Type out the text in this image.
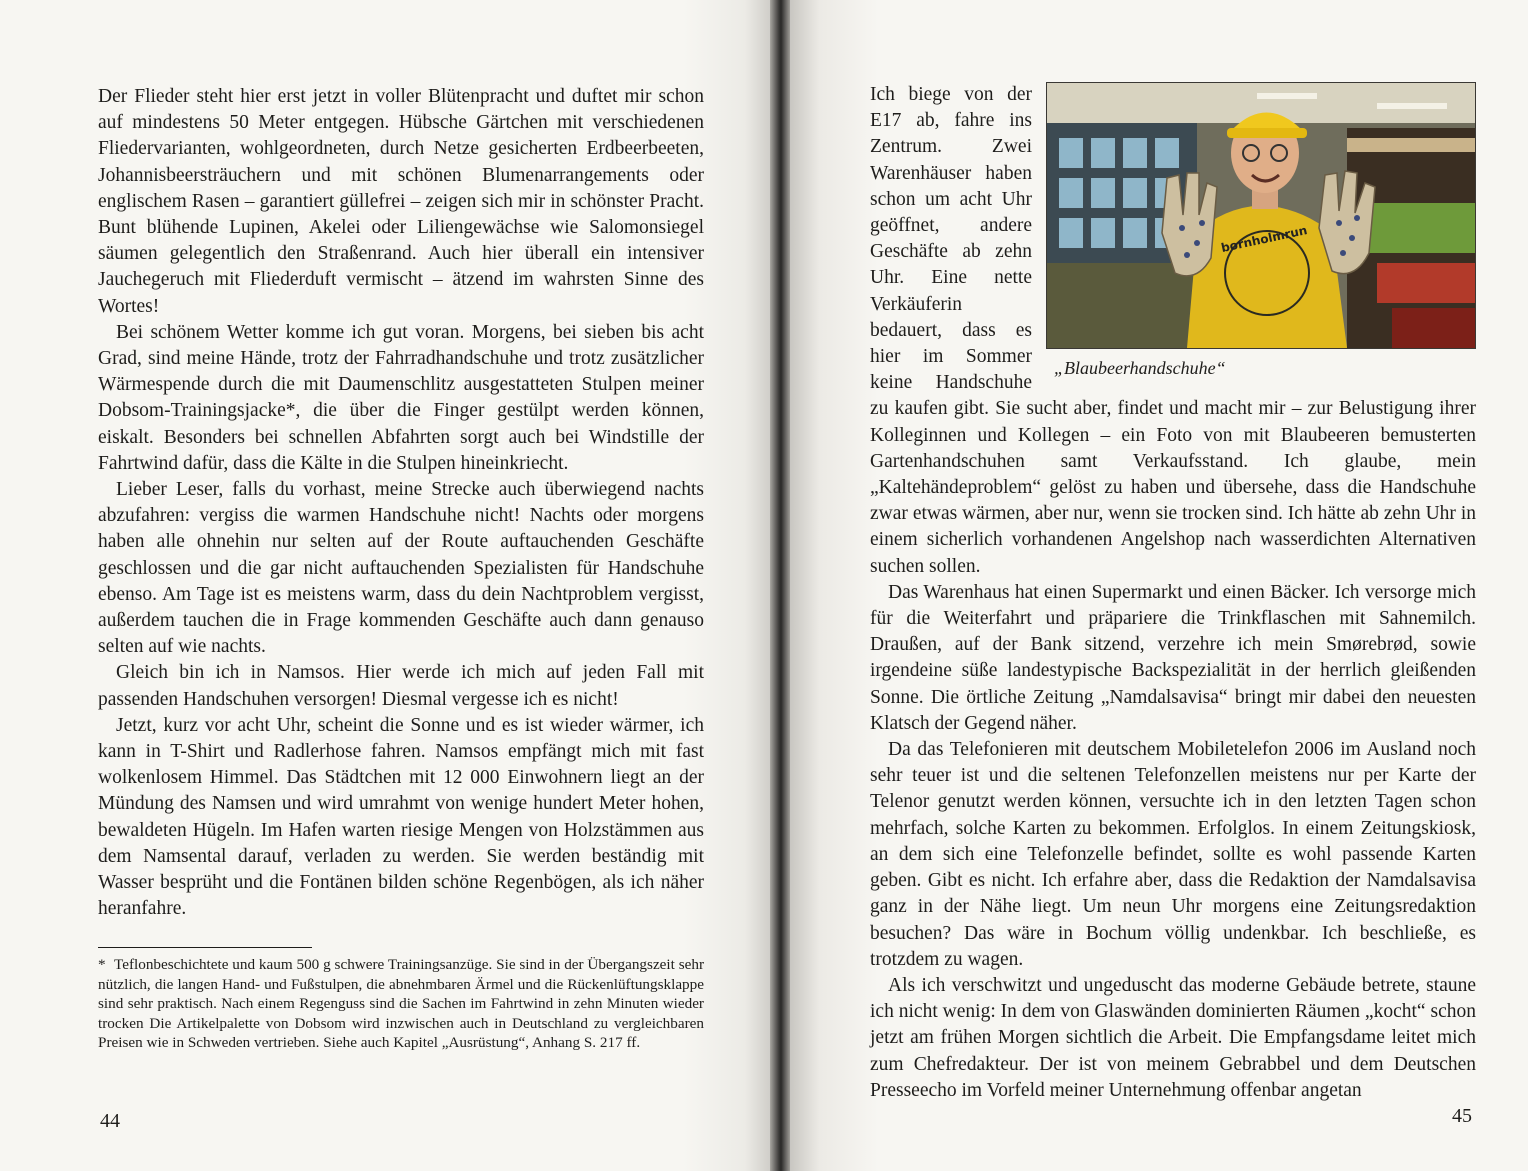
Der Flieder steht hier erst jetzt in voller Blütenpracht und duftet mir schon auf mindestens 50 Meter entgegen. Hübsche Gärtchen mit verschiedenen Fliedervarianten, wohlgeordneten, durch Netze gesicherten Erdbeerbeeten, Johannisbeersträuchern und mit schönen Blumenarrangements oder englischem Rasen – garantiert güllefrei – zeigen sich mir in schönster Pracht. Bunt blühende Lupinen, Akelei oder Liliengewächse wie Salomonsiegel säumen gelegentlich den Straßenrand. Auch hier überall ein intensiver Jauchegeruch mit Fliederduft vermischt – ätzend im wahrsten Sinne des Wortes!

Bei schönem Wetter komme ich gut voran. Morgens, bei sieben bis acht Grad, sind meine Hände, trotz der Fahrradhandschuhe und trotz zusätzlicher Wärmespende durch die mit Daumenschlitz ausgestatteten Stulpen meiner Dobsom-Trainingsjacke*, die über die Finger gestülpt werden können, eiskalt. Besonders bei schnellen Abfahrten sorgt auch bei Windstille der Fahrtwind dafür, dass die Kälte in die Stulpen hineinkriecht.

Lieber Leser, falls du vorhast, meine Strecke auch überwiegend nachts abzufahren: vergiss die warmen Handschuhe nicht! Nachts oder morgens haben alle ohnehin nur selten auf der Route auftauchenden Geschäfte geschlossen und die gar nicht auftauchenden Spezialisten für Handschuhe ebenso. Am Tage ist es meistens warm, dass du dein Nachtproblem vergisst, außerdem tauchen die in Frage kommenden Geschäfte auch dann genauso selten auf wie nachts.

Gleich bin ich in Namsos. Hier werde ich mich auf jeden Fall mit passenden Handschuhen versorgen! Diesmal vergesse ich es nicht!

Jetzt, kurz vor acht Uhr, scheint die Sonne und es ist wieder wärmer, ich kann in T-Shirt und Radlerhose fahren. Namsos empfängt mich mit fast wolkenlosem Himmel. Das Städtchen mit 12 000 Einwohnern liegt an der Mündung des Namsen und wird umrahmt von wenige hundert Meter hohen, bewaldeten Hügeln. Im Hafen warten riesige Mengen von Holzstämmen aus dem Namsental darauf, verladen zu werden. Sie werden beständig mit Wasser besprüht und die Fontänen bilden schöne Regenbögen, als ich näher heranfahre.

* Teflonbeschichtete und kaum 500 g schwere Trainingsanzüge. Sie sind in der Übergangszeit sehr nützlich, die langen Hand- und Fußstulpen, die abnehmbaren Ärmel und die Rückenlüftungsklappe sind sehr praktisch. Nach einem Regenguss sind die Sachen im Fahrtwind in zehn Minuten wieder trocken Die Artikelpalette von Dobsom wird inzwischen auch in Deutschland zu vergleichbaren Preisen wie in Schweden vertrieben. Siehe auch Kapitel „Ausrüstung“, Anhang S. 217 ff.
44
bornholmrun
„Blaubeerhandschuhe“

Ich biege von der E17 ab, fahre ins Zentrum. Zwei Warenhäuser haben schon um acht Uhr geöffnet, andere Geschäfte ab zehn Uhr. Eine nette Verkäuferin bedauert, dass es hier im Sommer keine Handschuhe zu kaufen gibt. Sie sucht aber, findet und macht mir – zur Belustigung ihrer Kolleginnen und Kollegen – ein Foto von mit Blaubeeren bemusterten Gartenhandschuhen samt Verkaufsstand. Ich glaube, mein „Kaltehändeproblem“ gelöst zu haben und übersehe, dass die Handschuhe zwar etwas wärmen, aber nur, wenn sie trocken sind. Ich hätte ab zehn Uhr in einem sicherlich vorhandenen Angelshop nach wasserdichten Alternativen suchen sollen.

Das Warenhaus hat einen Supermarkt und einen Bäcker. Ich versorge mich für die Weiterfahrt und präpariere die Trinkflaschen mit Sahnemilch. Draußen, auf der Bank sitzend, verzehre ich mein Smørebrød, sowie irgendeine süße landestypische Backspezialität in der herrlich gleißenden Sonne. Die örtliche Zeitung „Namdalsavisa“ bringt mir dabei den neuesten Klatsch der Gegend näher.

Da das Telefonieren mit deutschem Mobiletelefon 2006 im Ausland noch sehr teuer ist und die seltenen Telefonzellen meistens nur per Karte der Telenor genutzt werden können, versuchte ich in den letzten Tagen schon mehrfach, solche Karten zu bekommen. Erfolglos. In einem Zeitungskiosk, an dem sich eine Telefonzelle befindet, sollte es wohl passende Karten geben. Gibt es nicht. Ich erfahre aber, dass die Redaktion der Namdalsavisa ganz in der Nähe liegt. Um neun Uhr morgens eine Zeitungsredaktion besuchen? Das wäre in Bochum völlig undenkbar. Ich beschließe, es trotzdem zu wagen.

Als ich verschwitzt und ungeduscht das moderne Gebäude betrete, staune ich nicht wenig: In dem von Glaswänden dominierten Räumen „kocht“ schon jetzt am frühen Morgen sichtlich die Arbeit. Die Empfangsdame leitet mich zum Chefredakteur. Der ist von meinem Gebrabbel und dem Deutschen Presseecho im Vorfeld meiner Unternehmung offenbar angetan

45
